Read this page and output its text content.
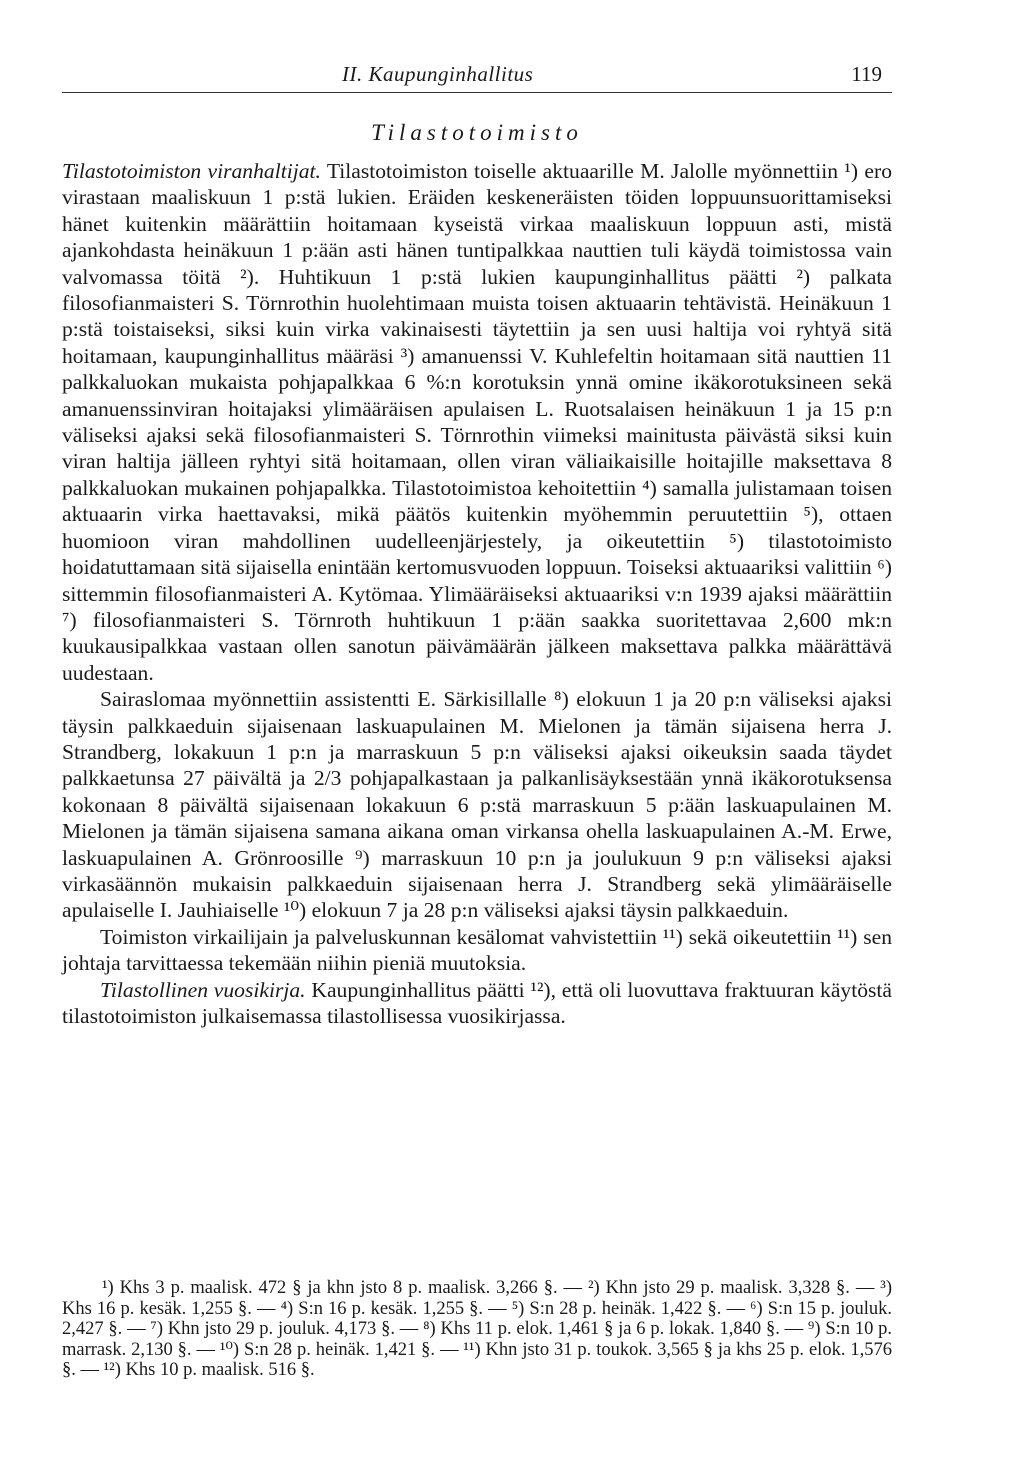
II. Kaupunginhallitus	119
Tilastotoimisto

Tilastotoimiston viranhaltijat. Tilastotoimiston toiselle aktuaarille M. Jalolle myönnettiin ¹) ero virastaan maaliskuun 1 p:stä lukien. Eräiden keskeneräisten töiden loppuunsuorittamiseksi hänet kuitenkin määrättiin hoitamaan kyseistä virkaa maaliskuun loppuun asti, mistä ajankohdasta heinäkuun 1 p:ään asti hänen tuntipalkkaa nauttien tuli käydä toimistossa vain valvomassa töitä ²). Huhtikuun 1 p:stä lukien kaupunginhallitus päätti ²) palkata filosofianmaisteri S. Törnrothin huolehtimaan muista toisen aktuaarin tehtävistä. Heinäkuun 1 p:stä toistaiseksi, siksi kuin virka vakinaisesti täytettiin ja sen uusi haltija voi ryhtyä sitä hoitamaan, kaupunginhallitus määräsi ³) amanuenssi V. Kuhlefeltin hoitamaan sitä nauttien 11 palkkaluokan mukaista pohjapalkkaa 6 %:n korotuksin ynnä omine ikäkorotuksineen sekä amanuenssinviran hoitajaksi ylimääräisen apulaisen L. Ruotsalaisen heinäkuun 1 ja 15 p:n väliseksi ajaksi sekä filosofianmaisteri S. Törnrothin viimeksi mainitusta päivästä siksi kuin viran haltija jälleen ryhtyi sitä hoitamaan, ollen viran väliaikaisille hoitajille maksettava 8 palkkaluokan mukainen pohjapalkka. Tilastotoimistoa kehoitettiin ⁴) samalla julistamaan toisen aktuaarin virka haettavaksi, mikä päätös kuitenkin myöhemmin peruutettiin ⁵), ottaen huomioon viran mahdollinen uudelleenjärjestely, ja oikeutettiin ⁵) tilastotoimisto hoidatuttamaan sitä sijaisella enintään kertomusvuoden loppuun. Toiseksi aktuaariksi valittiin ⁶) sittemmin filosofianmaisteri A. Kytömaa. Ylimääräiseksi aktuaariksi v:n 1939 ajaksi määrättiin ⁷) filosofianmaisteri S. Törnroth huhtikuun 1 p:ään saakka suoritettavaa 2,600 mk:n kuukausipalkkaa vastaan ollen sanotun päivämäärän jälkeen maksettava palkka määrättävä uudestaan.

Sairaslomaa myönnettiin assistentti E. Särkisillalle ⁸) elokuun 1 ja 20 p:n väliseksi ajaksi täysin palkkaeduin sijaisenaan laskuapulainen M. Mielonen ja tämän sijaisena herra J. Strandberg, lokakuun 1 p:n ja marraskuun 5 p:n väliseksi ajaksi oikeuksin saada täydet palkkaetunsa 27 päivältä ja 2/3 pohjapalkastaan ja palkanlisäyksestään ynnä ikäkorotuksensa kokonaan 8 päivältä sijaisenaan lokakuun 6 p:stä marraskuun 5 p:ään laskuapulainen M. Mielonen ja tämän sijaisena samana aikana oman virkansa ohella laskuapulainen A.-M. Erwe, laskuapulainen A. Grönroosille ⁹) marraskuun 10 p:n ja joulukuun 9 p:n väliseksi ajaksi virkasäännön mukaisin palkkaeduin sijaisenaan herra J. Strandberg sekä ylimääräiselle apulaiselle I. Jauhiaiselle ¹⁰) elokuun 7 ja 28 p:n väliseksi ajaksi täysin palkkaeduin.

Toimiston virkailijain ja palveluskunnan kesälomat vahvistettiin ¹¹) sekä oikeutettiin ¹¹) sen johtaja tarvittaessa tekemään niihin pieniä muutoksia.

Tilastollinen vuosikirja. Kaupunginhallitus päätti ¹²), että oli luovuttava fraktuuran käytöstä tilastotoimiston julkaisemassa tilastollisessa vuosikirjassa.

¹) Khs 3 p. maalisk. 472 § ja khn jsto 8 p. maalisk. 3,266 §. — ²) Khn jsto 29 p. maalisk. 3,328 §. — ³) Khs 16 p. kesäk. 1,255 §. — ⁴) S:n 16 p. kesäk. 1,255 §. — ⁵) S:n 28 p. heinäk. 1,422 §. — ⁶) S:n 15 p. jouluk. 2,427 §. — ⁷) Khn jsto 29 p. jouluk. 4,173 §. — ⁸) Khs 11 p. elok. 1,461 § ja 6 p. lokak. 1,840 §. — ⁹) S:n 10 p. marrask. 2,130 §. — ¹⁰) S:n 28 p. heinäk. 1,421 §. — ¹¹) Khn jsto 31 p. toukok. 3,565 § ja khs 25 p. elok. 1,576 §. — ¹²) Khs 10 p. maalisk. 516 §.
